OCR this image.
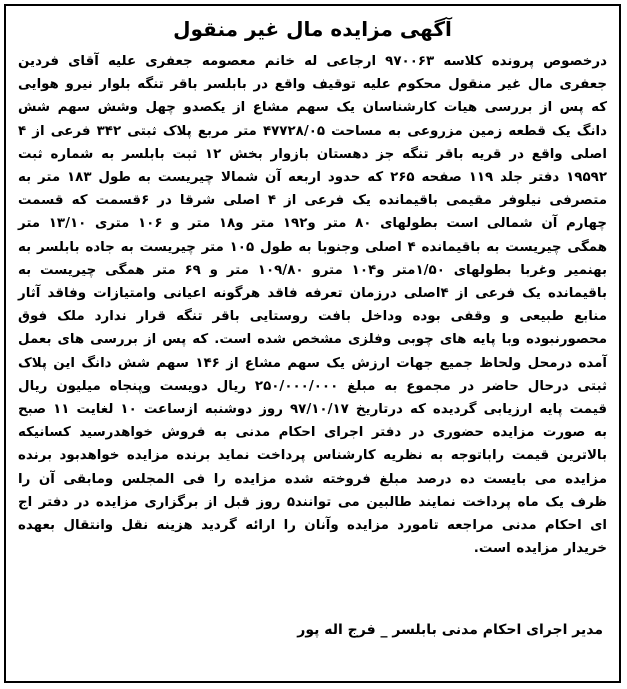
آگهی مزایده مال غیر منقول
درخصوص پرونده کلاسه ۹۷۰۰۶۳ ارجاعی له خانم معصومه جعفری علیه آقای فردین جعفری مال غیر منقول محکوم علیه توقیف واقع در بابلسر باقر تنگه بلوار نیرو هوایی که پس از بررسی هیات کارشناسان یک سهم مشاع از یکصدو چهل وشش سهم شش دانگ یک قطعه زمین مزروعی به مساحت ۴۷۷۲۸/۰۵ متر مربع پلاک ثبتی ۳۴۲ فرعی از ۴ اصلی واقع در قریه باقر تنگه جز دهستان بازوار بخش ۱۲ ثبت بابلسر به شماره ثبت ۱۹۵۹۲ دفتر جلد ۱۱۹ صفحه ۲۶۵ که حدود اربعه آن شمالا چیریست به طول ۱۸۳ متر به متصرفی نیلوفر مقیمی باقیمانده یک فرعی از ۴ اصلی شرقا در ۶قسمت که قسمت چهارم آن شمالی است بطولهای ۸۰ متر و۱۹۲ متر و۱۸ متر و ۱۰۶ متری ۱۳/۱۰ متر همگی چیریست به باقیمانده ۴ اصلی وجنوبا به طول ۱۰۵ متر چیریست به جاده بابلسر به بهنمیر وغربا بطولهای ۱/۵۰متر و۱۰۴ مترو ۱۰۹/۸۰ متر و ۶۹ متر همگی چیریست به باقیمانده یک فرعی از ۴اصلی درزمان تعرفه فاقد هرگونه اعیانی وامتیازات وفاقد آثار منابع طبیعی و وقفی بوده وداخل بافت روستایی باقر تنگه قرار ندارد ملک فوق محصورنبوده وبا پایه های چوبی وفلزی مشخص شده است. که پس از بررسی های بعمل آمده درمحل ولحاظ جمیع جهات ارزش یک سهم مشاع از ۱۴۶ سهم شش دانگ این پلاک ثبتی درحال حاضر در مجموع به مبلغ ۲۵۰/۰۰۰/۰۰۰ ریال دویست وپنجاه میلیون ریال قیمت پایه ارزیابی گردیده که درتاریخ ۹۷/۱۰/۱۷ روز دوشنبه ازساعت ۱۰ لغایت ۱۱ صبح به صورت مزایده حضوری در دفتر اجرای احکام مدنی به فروش خواهدرسید کسانیکه بالاترین قیمت راباتوجه به نظریه کارشناس پرداخت نماید برنده مزایده خواهدبود برنده مزایده می بایست ده درصد مبلغ فروخته شده مزایده را فی المجلس ومابقی آن را ظرف یک ماه پرداخت نمایند طالبین می توانند۵ روز قبل از برگزاری مزایده در دفتر اج ای احکام مدنی مراجعه تامورد مزایده وآنان را ارائه گردید هزینه نقل وانتقال بعهده خریدار مزایده است.
مدیر اجرای احکام مدنی بابلسر _ فرج اله پور
